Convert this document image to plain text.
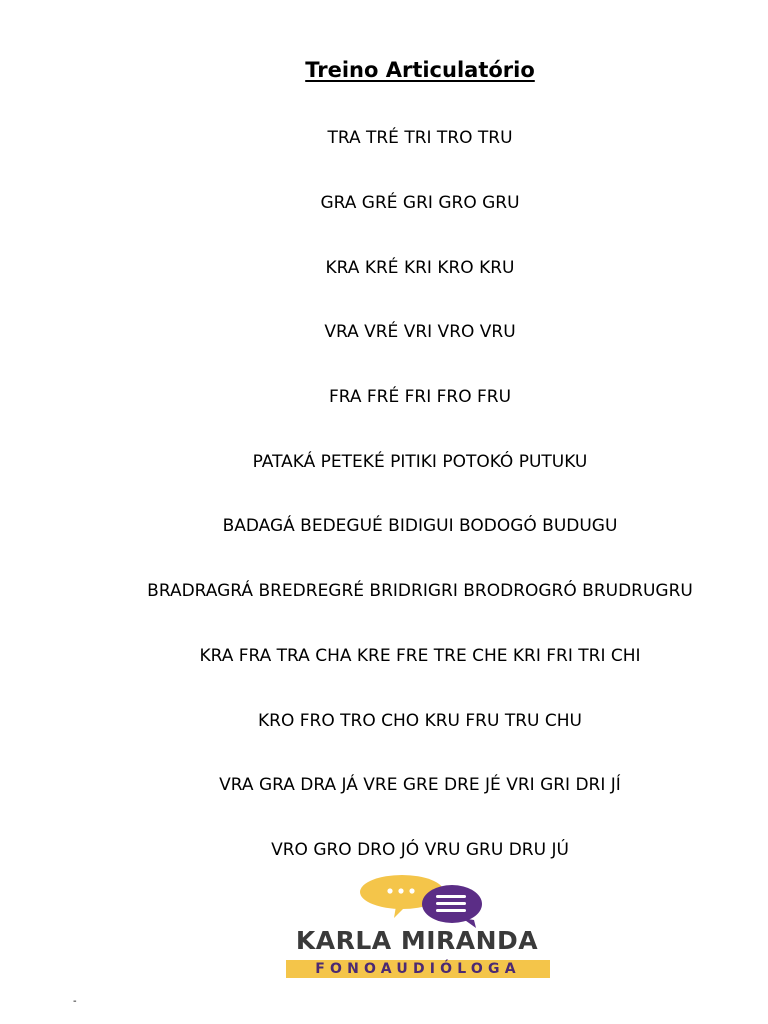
Treino Articulatório
TRA TRÉ TRI TRO TRU
GRA GRÉ GRI GRO GRU
KRA KRÉ KRI KRO KRU
VRA VRÉ VRI VRO VRU
FRA FRÉ FRI FRO FRU
PATAKÁ PETEKÉ PITIKI POTOKÓ PUTUKU
BADAGÁ BEDEGUÉ BIDIGUI BODOGÓ BUDUGU
BRADRAGRÁ BREDREGRÉ BRIDRIGRI BRODROGRÓ BRUDRUGRU
KRA FRA TRA CHA KRE FRE TRE CHE KRI FRI TRI CHI
KRO FRO TRO CHO KRU FRU TRU CHU
VRA GRA DRA JÁ VRE GRE DRE JÉ VRI GRI DRI JÍ
VRO GRO DRO JÓ VRU GRU DRU JÚ
KARLA MIRANDA
FONOAUDIÓLOGA
-
